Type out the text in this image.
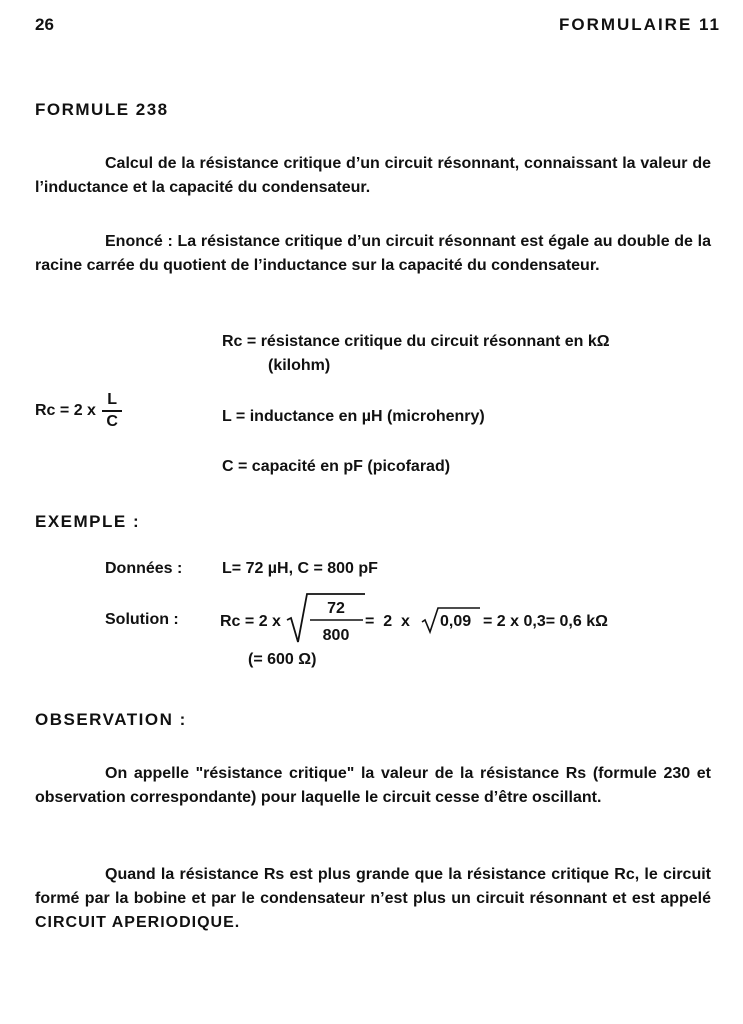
26	FORMULAIRE 11
FORMULE 238

Calcul de la résistance critique d’un circuit résonnant, connaissant la valeur de l’inductance et la capacité du condensateur.

Enoncé : La résistance critique d’un circuit résonnant est égale au double de la racine carrée du quotient de l’inductance sur la capacité du condensateur.

Rc = résistance critique du circuit résonnant en kΩ
(kilohm)
L = inductance en µH (microhenry)
C = capacité en pF (picofarad)
Rc = 2 x $\frac{L}{C}$
EXEMPLE :
Données : L= 72 µH, C = 800 pF
Solution :	Rc = 2 x
72
800
=  2  x 0,09 = 2 x 0,3= 0,6 kΩ
(= 600 Ω)
OBSERVATION :

On appelle "résistance critique" la valeur de la résistance Rs (formule 230 et observation correspondante) pour laquelle le circuit cesse d’être oscillant.

Quand la résistance Rs est plus grande que la résistance critique Rc, le circuit formé par la bobine et par le condensateur n’est plus un circuit résonnant et est appelé CIRCUIT APERIODIQUE.
